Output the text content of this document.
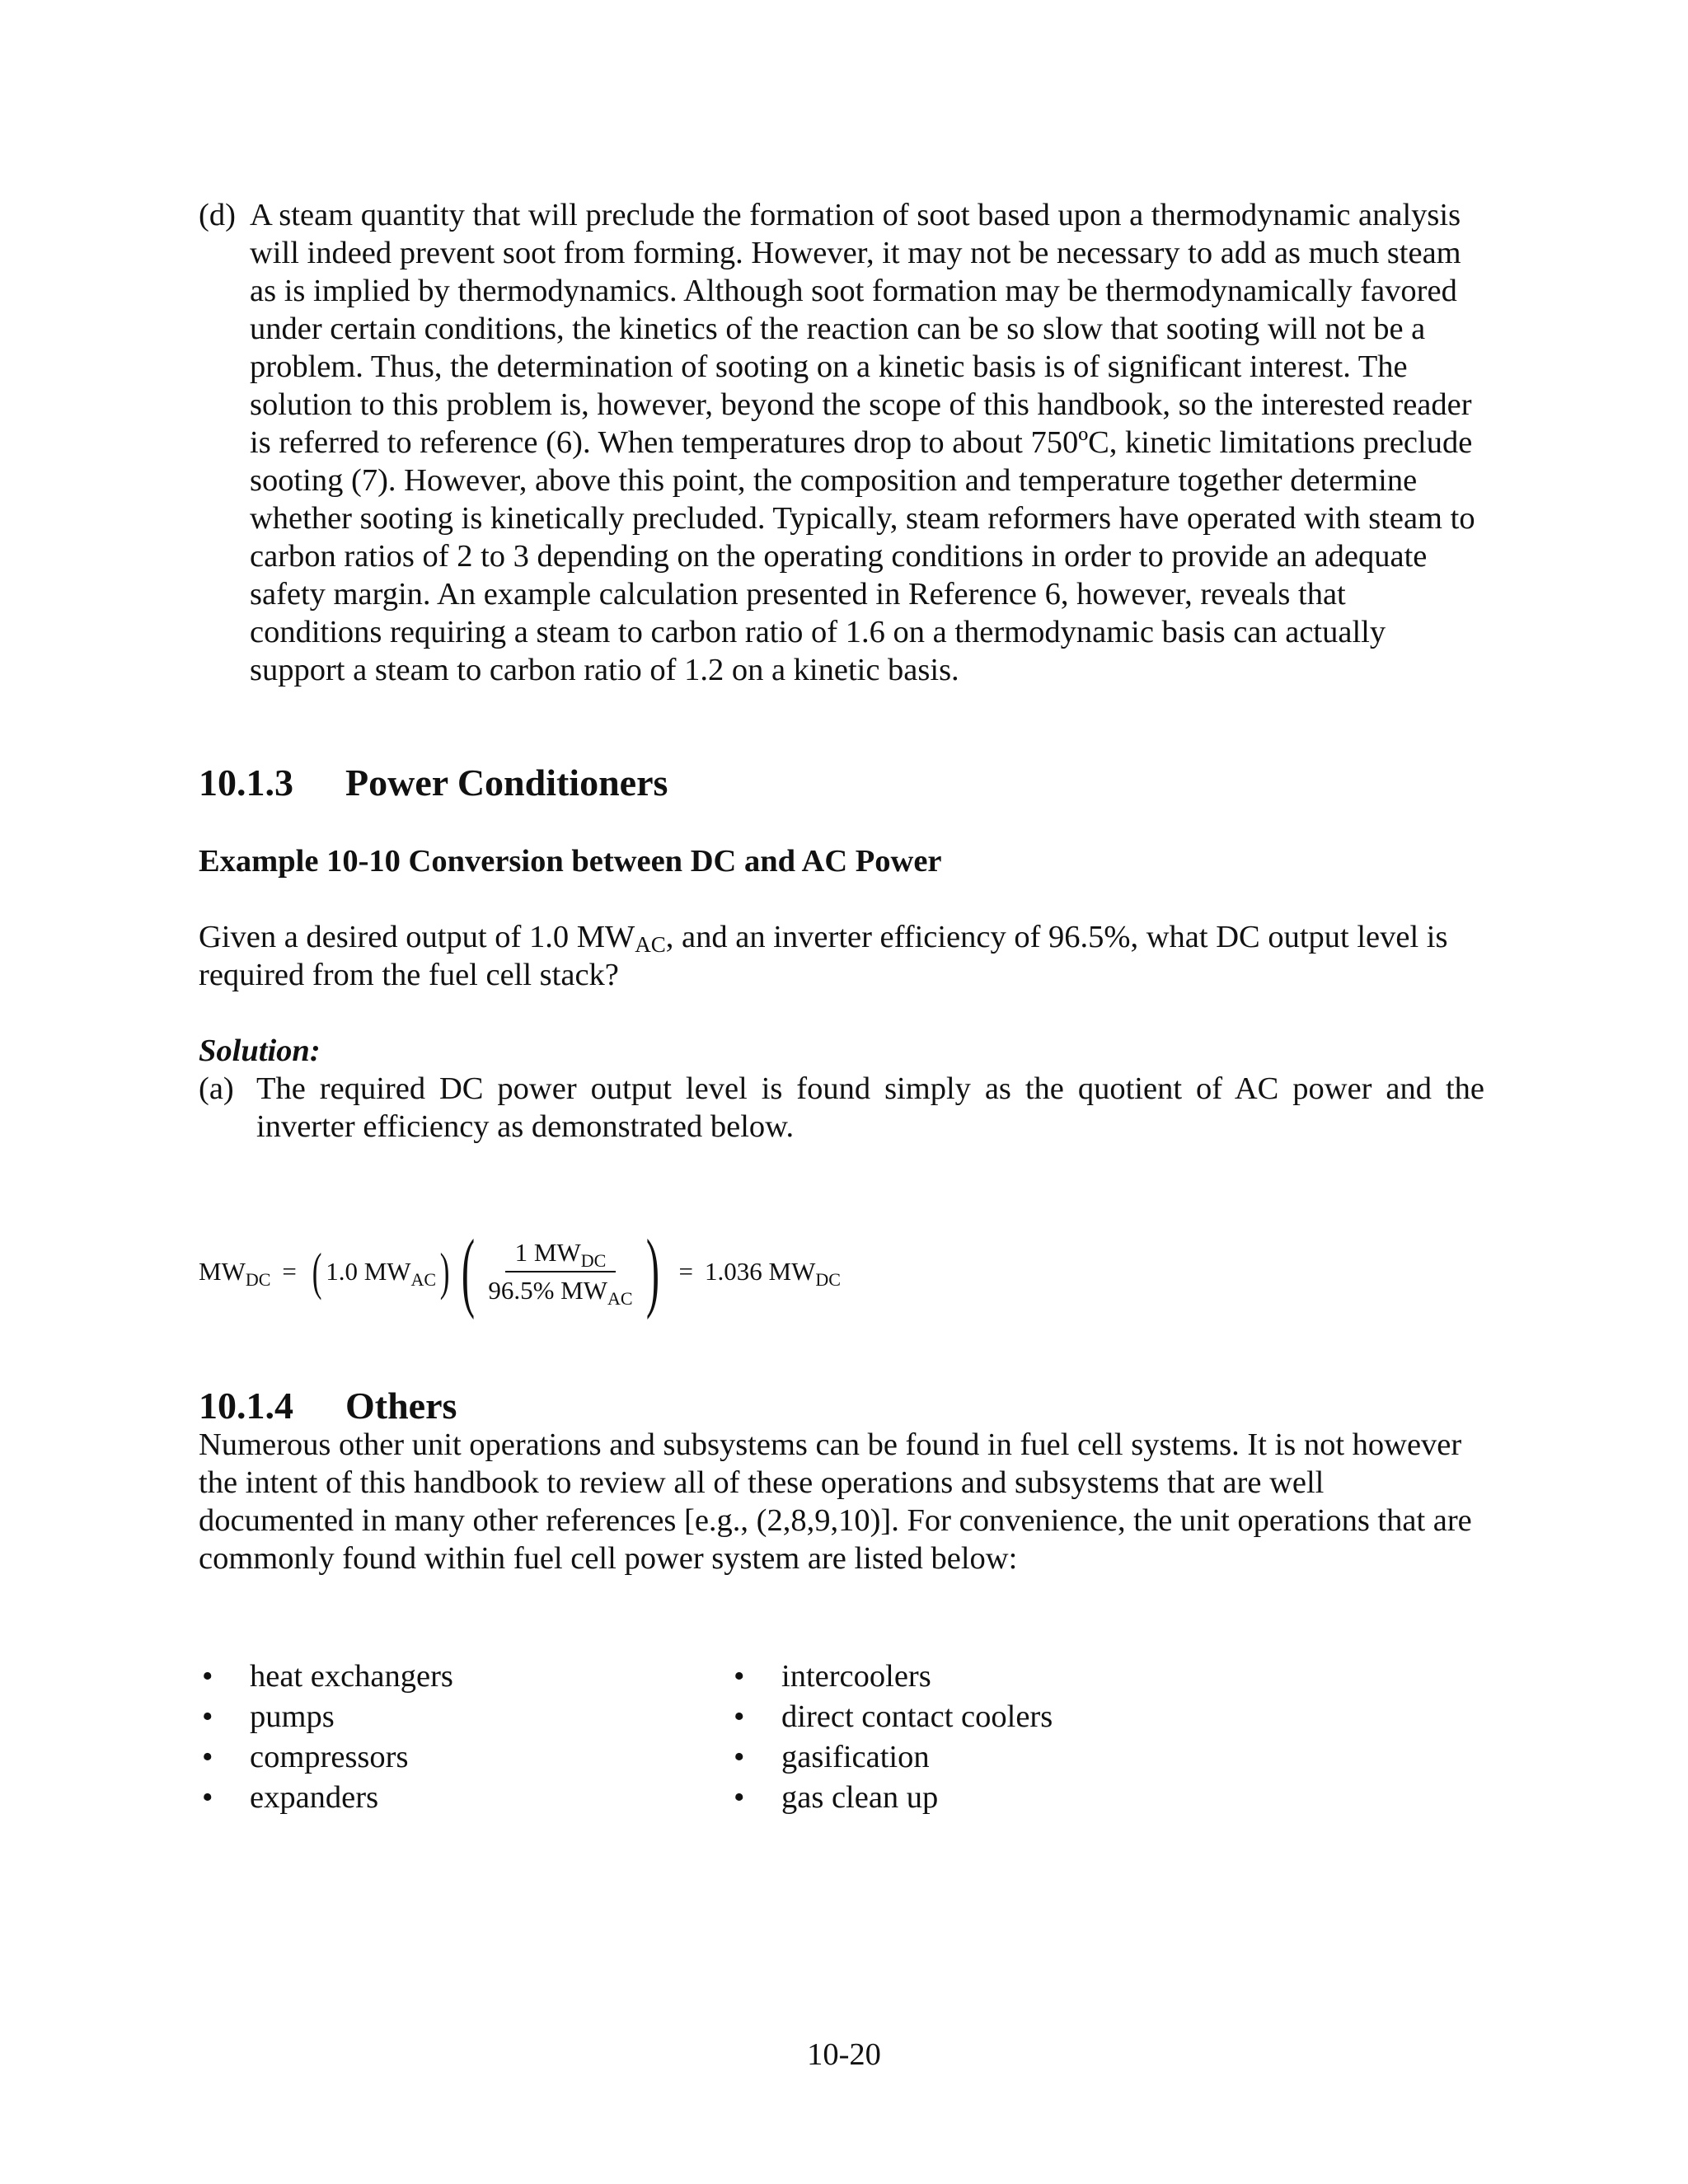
(d) A steam quantity that will preclude the formation of soot based upon a thermodynamic analysis will indeed prevent soot from forming. However, it may not be necessary to add as much steam as is implied by thermodynamics. Although soot formation may be thermodynamically favored under certain conditions, the kinetics of the reaction can be so slow that sooting will not be a problem. Thus, the determination of sooting on a kinetic basis is of significant interest. The solution to this problem is, however, beyond the scope of this handbook, so the interested reader is referred to reference (6). When temperatures drop to about 750ºC, kinetic limitations preclude sooting (7). However, above this point, the composition and temperature together determine whether sooting is kinetically precluded. Typically, steam reformers have operated with steam to carbon ratios of 2 to 3 depending on the operating conditions in order to provide an adequate safety margin. An example calculation presented in Reference 6, however, reveals that conditions requiring a steam to carbon ratio of 1.6 on a thermodynamic basis can actually support a steam to carbon ratio of 1.2 on a kinetic basis.
10.1.3	Power Conditioners

Example 10-10 Conversion between DC and AC Power

Given a desired output of 1.0 $MW_{AC}$, and an inverter efficiency of 96.5%, what DC output level is required from the fuel cell stack?

Solution:

(a) The required DC power output level is found simply as the quotient of AC power and the inverter efficiency as demonstrated below.
$MW_{DC}$ = ( 1.0 $MW_{AC}$ ) ( $\frac{1 MW_{DC}}{96.5\% MW_{AC}}$ ) = 1.036 $MW_{DC}$
10.1.4	Others

Numerous other unit operations and subsystems can be found in fuel cell systems. It is not however the intent of this handbook to review all of these operations and subsystems that are well documented in many other references [e.g., (2,8,9,10)]. For convenience, the unit operations that are commonly found within fuel cell power system are listed below:

•	heat exchangers
•	pumps
•	compressors
•	expanders
•	intercoolers
•	direct contact coolers
•	gasification
•	gas clean up
10-20
